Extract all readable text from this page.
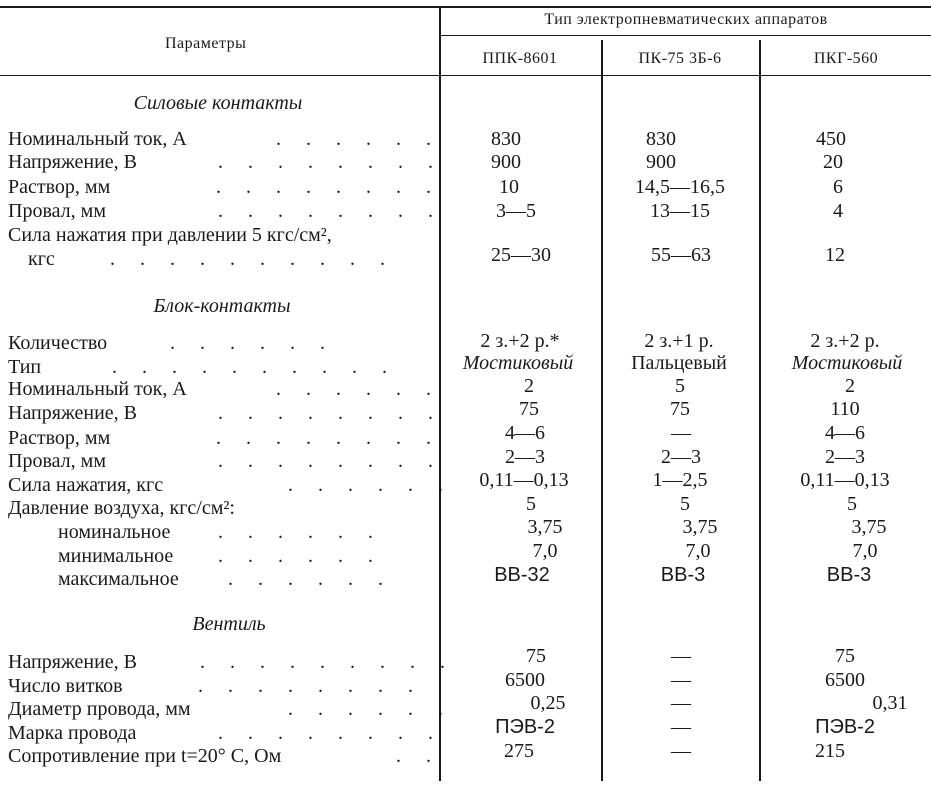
Параметры
Тип электропневматических аппаратов
ППК-8601	ПК-75 3Б-6	ПКГ-560
Силовые контакты
Номинальный ток, А	. . . . . .	830	830	450
Напряжение, В	. . . . . . . . 900	900	20
Раствор, мм	. . . . . . . .	10	14,5—16,5	6
Провал, мм	. . . . . . . .	3—5	13—15	4
Сила нажатия при давлении 5 кгс/см²,
кгс	. . . . . . . . . .	25—30	55—63	12
Блок-контакты
Количество	. . . . . .	2 з.+2 р.*	2 з.+1 р.	2 з.+2 р.
Тип	. . . . . . . . . .	Мостиковый	Пальцевый	Мостиковый
Номинальный ток, А	. . . . . .	2	5	2
Напряжение, В	. . . . . . . .	75	75	110
Раствор, мм	. . . . . . . .	4—6	—	4—6
Провал, мм	. . . . . . . .	2—3	2—3	2—3
Сила нажатия, кгс	. . . . . . 0,11—0,13	1—2,5	0,11—0,13
Давление воздуха, кгс/см²:	5	5	5
номинальное . . . . . .	3,75	3,75	3,75
минимальное . . . . . .	7,0	7,0	7,0
максимальное . . . . . .	ВВ-32	ВВ-3	ВВ-3
Вентиль
Напряжение, В	. . . . . . . . .	75	—	75
Число витков	. . . . . . . .	6500	—	6500
Диаметр провода, мм	. . . . . .	0,25	—	0,31
Марка провода	. . . . . . . .	ПЭВ-2	—	ПЭВ-2
Сопротивление при t=20° С, Ом	. .	275	—	215
